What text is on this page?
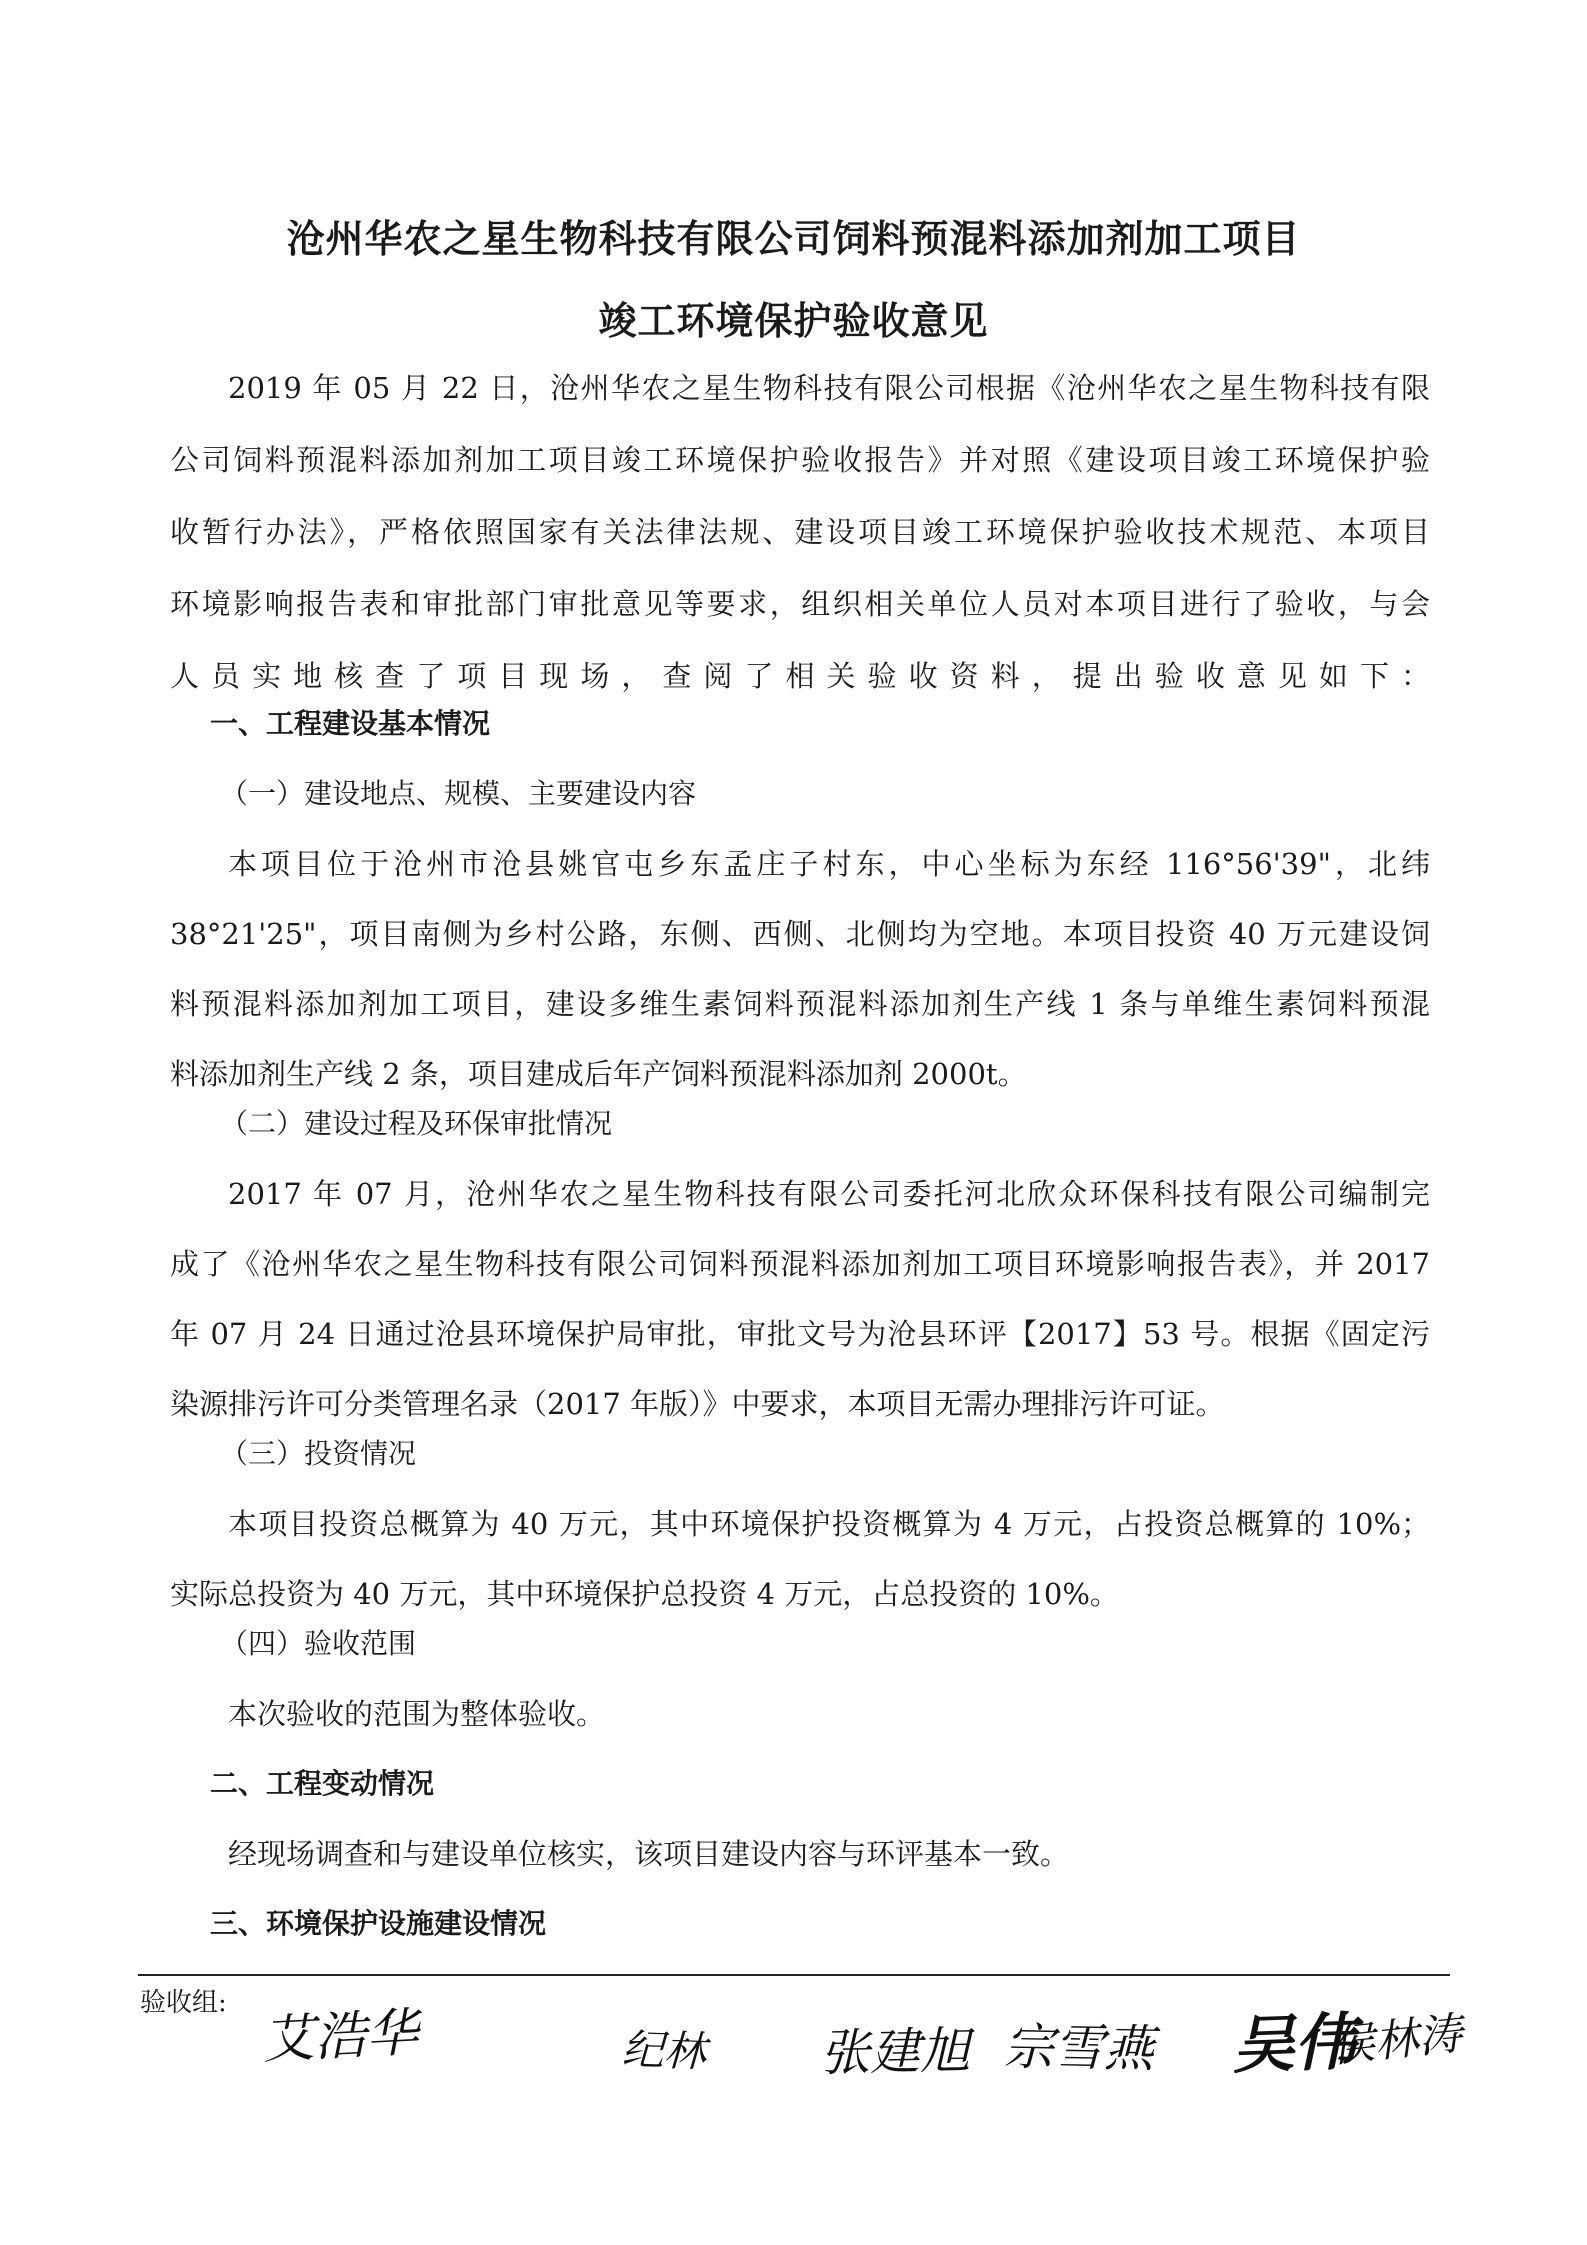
沧州华农之星生物科技有限公司饲料预混料添加剂加工项目
竣工环境保护验收意见
2019 年 05 月 22 日，沧州华农之星生物科技有限公司根据《沧州华农之星生物科技有限
公司饲料预混料添加剂加工项目竣工环境保护验收报告》并对照《建设项目竣工环境保护验
收暂行办法》，严格依照国家有关法律法规、建设项目竣工环境保护验收技术规范、本项目
环境影响报告表和审批部门审批意见等要求，组织相关单位人员对本项目进行了验收，与会
人员实地核查了项目现场，查阅了相关验收资料，提出验收意见如下：
一、工程建设基本情况
（一）建设地点、规模、主要建设内容
本项目位于沧州市沧县姚官屯乡东孟庄子村东，中心坐标为东经 116°56'39"，北纬
38°21'25"，项目南侧为乡村公路，东侧、西侧、北侧均为空地。本项目投资 40 万元建设饲
料预混料添加剂加工项目，建设多维生素饲料预混料添加剂生产线 1 条与单维生素饲料预混
料添加剂生产线 2 条，项目建成后年产饲料预混料添加剂 2000t。
（二）建设过程及环保审批情况
2017 年 07 月，沧州华农之星生物科技有限公司委托河北欣众环保科技有限公司编制完
成了《沧州华农之星生物科技有限公司饲料预混料添加剂加工项目环境影响报告表》，并 2017
年 07 月 24 日通过沧县环境保护局审批，审批文号为沧县环评【2017】53 号。根据《固定污
染源排污许可分类管理名录（2017 年版）》中要求，本项目无需办理排污许可证。
（三）投资情况
本项目投资总概算为 40 万元，其中环境保护投资概算为 4 万元，占投资总概算的 10%；
实际总投资为 40 万元，其中环境保护总投资 4 万元，占总投资的 10%。
（四）验收范围
本次验收的范围为整体验收。
二、工程变动情况
经现场调查和与建设单位核实，该项目建设内容与环评基本一致。
三、环境保护设施建设情况
验收组: 艾浩华	纪林 张建旭 宗雪燕 吴伟
侯林涛
